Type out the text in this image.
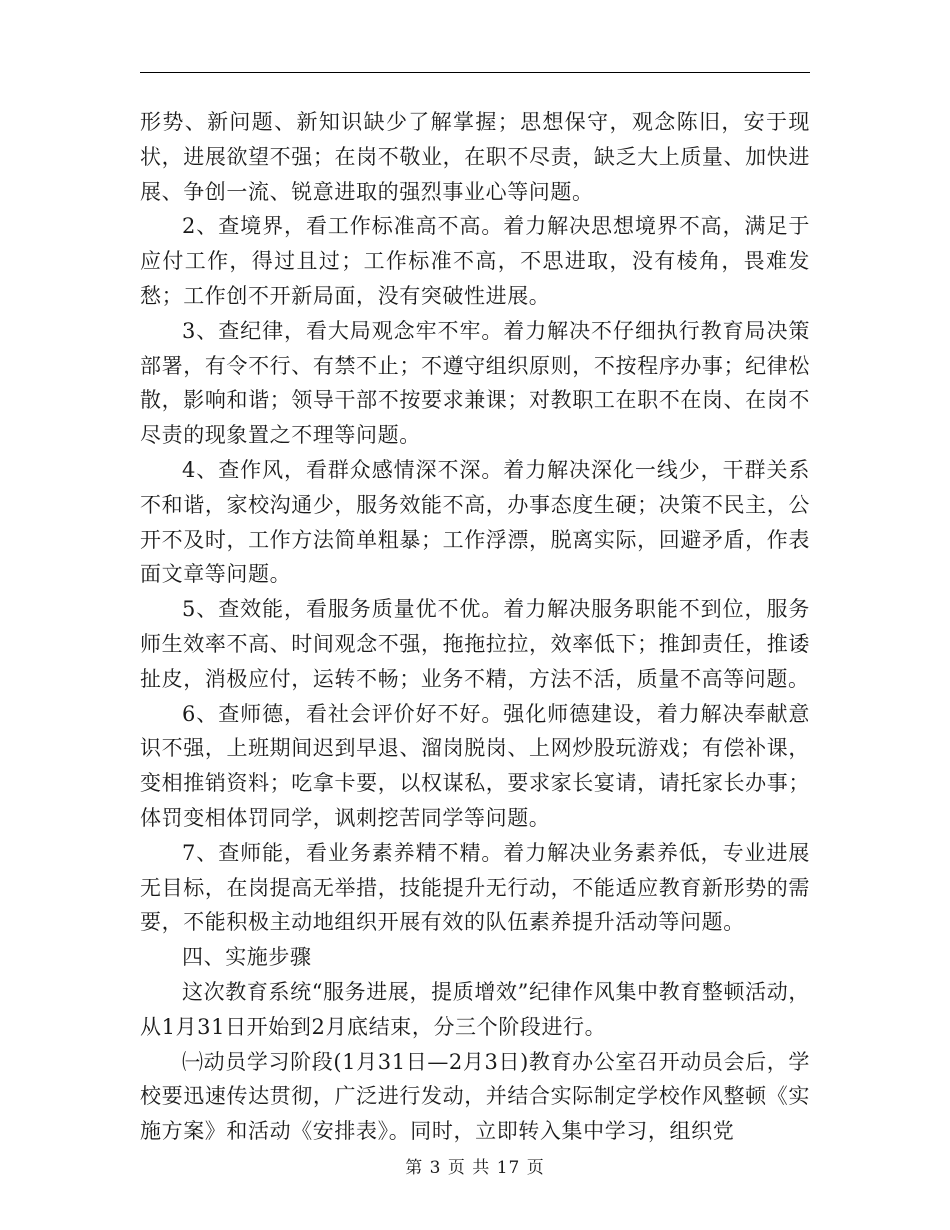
形势、新问题、新知识缺少了解掌握；思想保守，观念陈旧，安于现状，进展欲望不强；在岗不敬业，在职不尽责，缺乏大上质量、加快进展、争创一流、锐意进取的强烈事业心等问题。

2、查境界，看工作标准高不高。着力解决思想境界不高，满足于应付工作，得过且过；工作标准不高，不思进取，没有棱角，畏难发愁；工作创不开新局面，没有突破性进展。

3、查纪律，看大局观念牢不牢。着力解决不仔细执行教育局决策部署，有令不行、有禁不止；不遵守组织原则，不按程序办事；纪律松散，影响和谐；领导干部不按要求兼课；对教职工在职不在岗、在岗不尽责的现象置之不理等问题。

4、查作风，看群众感情深不深。着力解决深化一线少，干群关系不和谐，家校沟通少，服务效能不高，办事态度生硬；决策不民主，公开不及时，工作方法简单粗暴；工作浮漂，脱离实际，回避矛盾，作表面文章等问题。

5、查效能，看服务质量优不优。着力解决服务职能不到位，服务师生效率不高、时间观念不强，拖拖拉拉，效率低下；推卸责任，推诿扯皮，消极应付，运转不畅；业务不精，方法不活，质量不高等问题。

6、查师德，看社会评价好不好。强化师德建设，着力解决奉献意识不强，上班期间迟到早退、溜岗脱岗、上网炒股玩游戏；有偿补课，变相推销资料；吃拿卡要，以权谋私，要求家长宴请，请托家长办事；体罚变相体罚同学，讽刺挖苦同学等问题。

7、查师能，看业务素养精不精。着力解决业务素养低，专业进展无目标，在岗提高无举措，技能提升无行动，不能适应教育新形势的需要，不能积极主动地组织开展有效的队伍素养提升活动等问题。

四、实施步骤

这次教育系统“服务进展，提质增效”纪律作风集中教育整顿活动，从1月31日开始到2月底结束，分三个阶段进行。

㈠动员学习阶段(1月31日—2月3日)教育办公室召开动员会后，学校要迅速传达贯彻，广泛进行发动，并结合实际制定学校作风整顿《实施方案》和活动《安排表》。同时，立即转入集中学习，组织党

第 3 页 共 17 页
